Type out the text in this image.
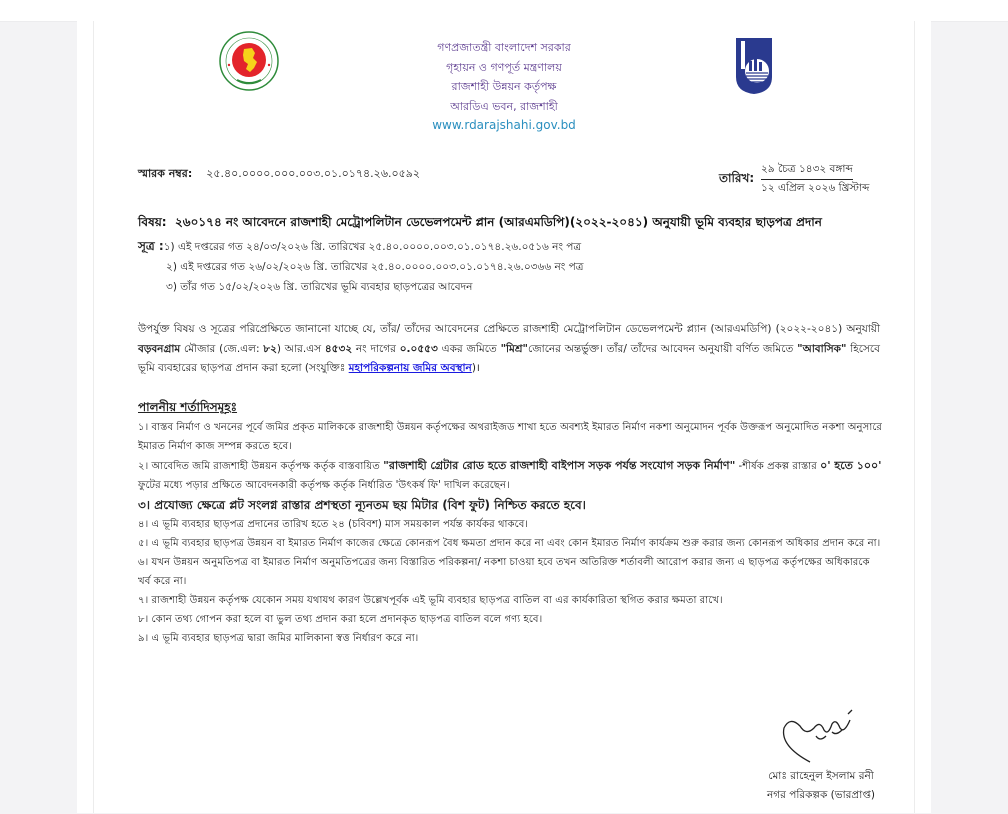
গণপ্রজাতন্ত্রী বাংলাদেশ সরকার
গৃহায়ন ও গণপূর্ত মন্ত্রণালয়
রাজশাহী উন্নয়ন কর্তৃপক্ষ
আরডিএ ভবন, রাজশাহী
www.rdarajshahi.gov.bd
স্মারক নম্বর: ২৫.৪০.০০০০.০০০.০০৩.০১.০১৭৪.২৬.০৫৯২	তারিখ:
২৯ চৈত্র ১৪৩২ বঙ্গাব্দ
১২ এপ্রিল ২০২৬ খ্রিস্টাব্দ
বিষয়: ২৬০১৭৪ নং আবেদনে রাজশাহী মেট্রোপলিটান ডেভেলপমেন্ট প্লান (আরএমডিপি)(২০২২-২০৪১) অনুযায়ী ভূমি ব্যবহার ছাড়পত্র প্রদান
সূত্র :১) এই দপ্তরের গত ২৪/০৩/২০২৬ খ্রি. তারিখের ২৫.৪০.০০০০.০০৩.০১.০১৭৪.২৬.০৫১৬ নং পত্র
২) এই দপ্তরের গত ২৬/০২/২০২৬ খ্রি. তারিখের ২৫.৪০.০০০০.০০৩.০১.০১৭৪.২৬.০৩৬৬ নং পত্র
৩) তাঁর গত ১৫/০২/২০২৬ খ্রি. তারিখের ভূমি ব্যবহার ছাড়পত্রের আবেদন
উপর্যুক্ত বিষয় ও সূত্রের পরিপ্রেক্ষিতে জানানো যাচ্ছে যে, তাঁর/ তাঁদের আবেদনের প্রেক্ষিতে রাজশাহী মেট্রোপলিটান ডেভেলপমেন্ট প্ল্যান (আরএমডিপি) (২০২২-২০৪১) অনুযায়ী বড়বনগ্রাম মৌজার (জে.এল: ৮২) আর.এস ৪৫৩২ নং দাগের ০.০৫৫৩ একর জমিতে "মিশ্র"জোনের অন্তর্ভুক্ত। তাঁর/ তাঁদের আবেদন অনুযায়ী বর্ণিত জমিতে "আবাসিক" হিসেবে ভূমি ব্যবহারের ছাড়পত্র প্রদান করা হলো (সংযুক্তিঃ মহাপরিকল্পনায় জমির অবস্থান)।
পালনীয় শর্তাদিসমূহঃ

১। বাস্তব নির্মাণ ও খননের পূর্বে জমির প্রকৃত মালিককে রাজশাহী উন্নয়ন কর্তৃপক্ষের অথরাইজড শাখা হতে অবশ্যই ইমারত নির্মাণ নকশা অনুমোদন পূর্বক উক্তরূপ অনুমোদিত নকশা অনুসারে ইমারত নির্মাণ কাজ সম্পন্ন করতে হবে।

২। আবেদিত জমি রাজশাহী উন্নয়ন কর্তৃপক্ষ কর্তৃক বাস্তবায়িত "রাজশাহী গ্রেটার রোড হতে রাজশাহী বাইপাস সড়ক পর্যন্ত সংযোগ সড়ক নির্মাণ" -শীর্ষক প্রকল্প রাস্তার ০' হতে ১০০' ফুটের মধ্যে পড়ার প্রক্ষিতে আবেদনকারী কর্তৃপক্ষ কর্তৃক নির্ধারিত 'উৎকর্ষ ফি' দাখিল করেছেন।

৩। প্রযোজ্য ক্ষেত্রে প্লট সংলগ্ন রাস্তার প্রশস্থতা ন্যূনতম ছয় মিটার (বিশ ফুট) নিশ্চিত করতে হবে।

৪। এ ভূমি ব্যবহার ছাড়পত্র প্রদানের তারিখ হতে ২৪ (চবিবশ) মাস সময়কাল পর্যন্ত কার্যকর থাকবে।

৫। এ ভূমি ব্যবহার ছাড়পত্র উন্নয়ন বা ইমারত নির্মাণ কাজের ক্ষেত্রে কোনরূপ বৈধ ক্ষমতা প্রদান করে না এবং কোন ইমারত নির্মাণ কার্যক্রম শুরু করার জন্য কোনরূপ অধিকার প্রদান করে না।

৬। যখন উন্নয়ন অনুমতিপত্র বা ইমারত নির্মাণ অনুমতিপত্রের জন্য বিস্তারিত পরিকল্পনা/ নকশা চাওয়া হবে তখন অতিরিক্ত শর্তাবলী আরোপ করার জন্য এ ছাড়পত্র কর্তৃপক্ষের অধিকারকে খর্ব করে না।

৭। রাজশাহী উন্নয়ন কর্তৃপক্ষ যেকোন সময় যথাযথ কারণ উল্লেখপূর্বক এই ভূমি ব্যবহার ছাড়পত্র বাতিল বা এর কার্যকারিতা স্থগিত করার ক্ষমতা রাখে।

৮। কোন তথ্য গোপন করা হলে বা ভুল তথ্য প্রদান করা হলে প্রদানকৃত ছাড়পত্র বাতিল বলে গণ্য হবে।

৯। এ ভূমি ব্যবহার ছাড়পত্র দ্বারা জমির মালিকানা স্বত্ত নির্ধারণ করে না।

মোঃ রাহেনুল ইসলাম রনী
নগর পরিকল্পক (ভারপ্রাপ্ত)
